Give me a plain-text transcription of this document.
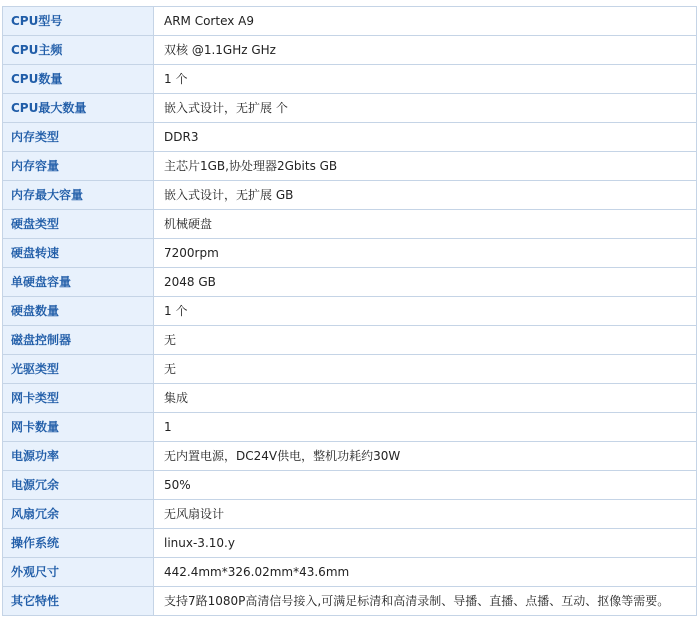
CPU型号	ARM Cortex A9
CPU主频	双核 @1.1GHz GHz
CPU数量	1 个
CPU最大数量	嵌入式设计，无扩展 个
内存类型	DDR3
内存容量	主芯片1GB,协处理器2Gbits GB
内存最大容量	嵌入式设计，无扩展 GB
硬盘类型	机械硬盘
硬盘转速	7200rpm
单硬盘容量	2048 GB
硬盘数量	1 个
磁盘控制器	无
光驱类型	无
网卡类型	集成
网卡数量	1
电源功率	无内置电源，DC24V供电，整机功耗约30W
电源冗余	50%
风扇冗余	无风扇设计
操作系统	linux-3.10.y
外观尺寸	442.4mm*326.02mm*43.6mm
其它特性	支持7路1080P高清信号接入,可满足标清和高清录制、导播、直播、点播、互动、抠像等需要。
